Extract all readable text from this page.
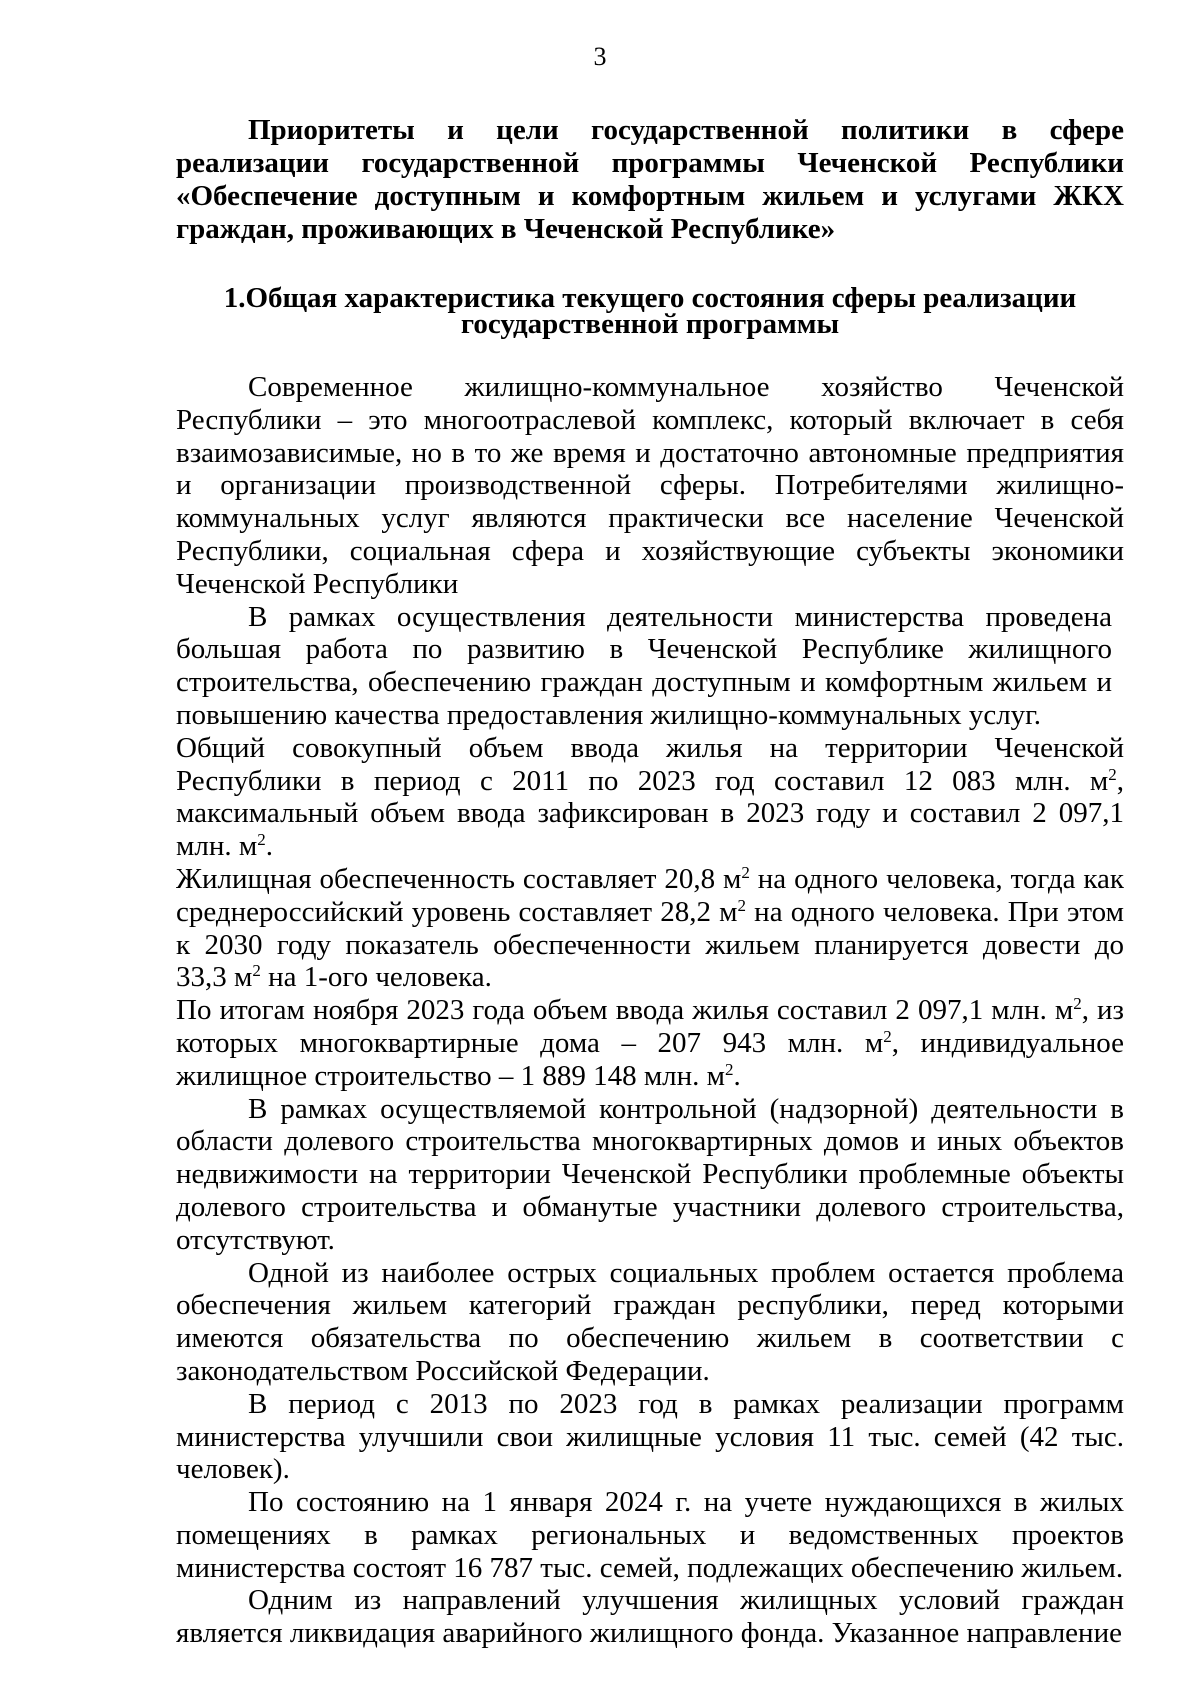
3

Приоритеты и цели государственной политики в сфере реализации государственной программы Чеченской Республики «Обеспечение доступным и комфортным жильем и услугами ЖКХ граждан, проживающих в Чеченской Республике»

1.Общая характеристика текущего состояния сферы реализации
государственной программы

Современное жилищно-коммунальное хозяйство Чеченской Республики – это многоотраслевой комплекс, который включает в себя взаимозависимые, но в то же время и достаточно автономные предприятия и организации производственной сферы. Потребителями жилищно-коммунальных услуг являются практически все население Чеченской Республики, социальная сфера и хозяйствующие субъекты экономики Чеченской Республики

В рамках осуществления деятельности министерства проведена большая работа по развитию в Чеченской Республике жилищного строительства, обеспечению граждан доступным и комфортным жильем и повышению качества предоставления жилищно-коммунальных услуг.

Общий совокупный объем ввода жилья на территории Чеченской Республики в период с 2011 по 2023 год составил 12 083 млн. $м^2$, максимальный объем ввода зафиксирован в 2023 году и составил 2 097,1 млн. $м^2$.

Жилищная обеспеченность составляет 20,8 $м^2$ на одного человека, тогда как среднероссийский уровень составляет 28,2 $м^2$ на одного человека. При этом к 2030 году показатель обеспеченности жильем планируется довести до 33,3 $м^2$ на 1-ого человека.

По итогам ноября 2023 года объем ввода жилья составил 2 097,1 млн. $м^2$, из которых многоквартирные дома – 207 943 млн. $м^2$, индивидуальное жилищное строительство – 1 889 148 млн. $м^2$.

В рамках осуществляемой контрольной (надзорной) деятельности в области долевого строительства многоквартирных домов и иных объектов недвижимости на территории Чеченской Республики проблемные объекты долевого строительства и обманутые участники долевого строительства, отсутствуют.

Одной из наиболее острых социальных проблем остается проблема обеспечения жильем категорий граждан республики, перед которыми имеются обязательства по обеспечению жильем в соответствии с законодательством Российской Федерации.

В период с 2013 по 2023 год в рамках реализации программ министерства улучшили свои жилищные условия 11 тыс. семей (42 тыс. человек).

По состоянию на 1 января 2024 г. на учете нуждающихся в жилых помещениях в рамках региональных и ведомственных проектов министерства состоят 16 787 тыс. семей, подлежащих обеспечению жильем.

Одним из направлений улучшения жилищных условий граждан является ликвидация аварийного жилищного фонда. Указанное направление
